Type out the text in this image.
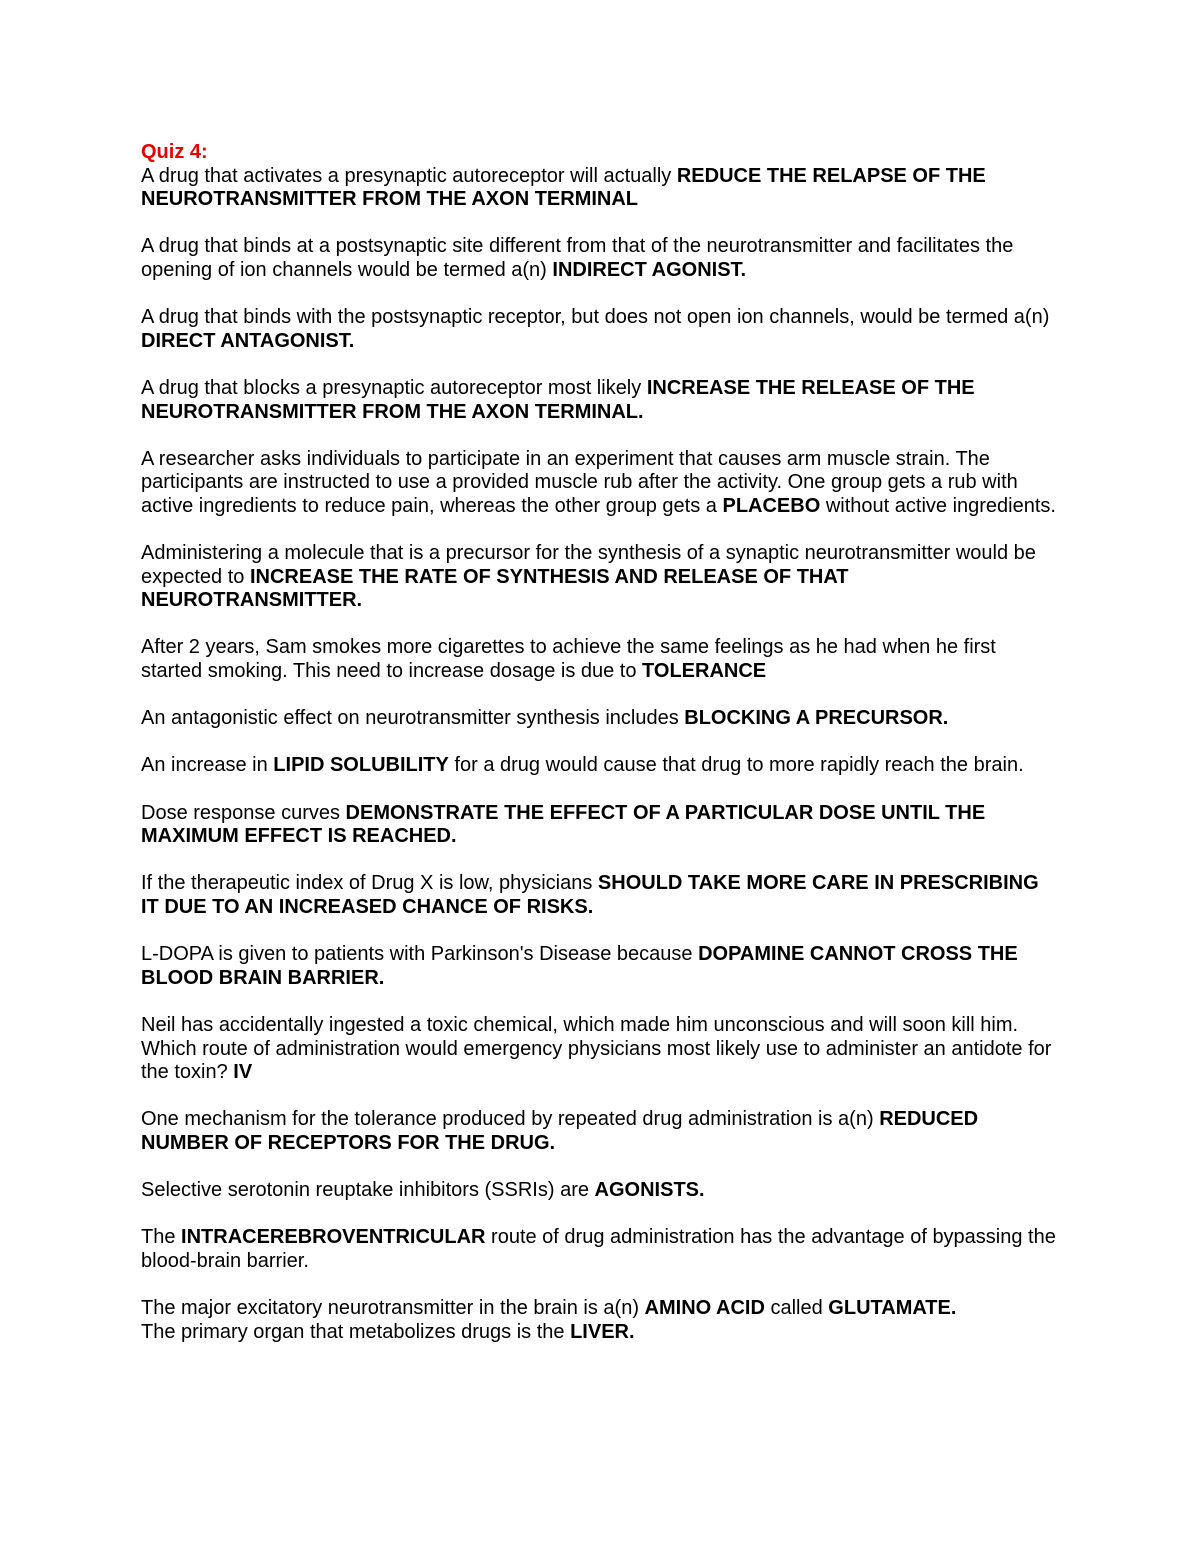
Quiz 4:

A drug that activates a presynaptic autoreceptor will actually REDUCE THE RELAPSE OF THE NEUROTRANSMITTER FROM THE AXON TERMINAL

A drug that binds at a postsynaptic site different from that of the neurotransmitter and facilitates the opening of ion channels would be termed a(n) INDIRECT AGONIST.

A drug that binds with the postsynaptic receptor, but does not open ion channels, would be termed a(n) DIRECT ANTAGONIST.

A drug that blocks a presynaptic autoreceptor most likely INCREASE THE RELEASE OF THE NEUROTRANSMITTER FROM THE AXON TERMINAL.

A researcher asks individuals to participate in an experiment that causes arm muscle strain. The participants are instructed to use a provided muscle rub after the activity. One group gets a rub with active ingredients to reduce pain, whereas the other group gets a PLACEBO without active ingredients.

Administering a molecule that is a precursor for the synthesis of a synaptic neurotransmitter would be expected to INCREASE THE RATE OF SYNTHESIS AND RELEASE OF THAT NEUROTRANSMITTER.

After 2 years, Sam smokes more cigarettes to achieve the same feelings as he had when he first started smoking. This need to increase dosage is due to TOLERANCE

An antagonistic effect on neurotransmitter synthesis includes BLOCKING A PRECURSOR.

An increase in LIPID SOLUBILITY for a drug would cause that drug to more rapidly reach the brain.

Dose response curves DEMONSTRATE THE EFFECT OF A PARTICULAR DOSE UNTIL THE MAXIMUM EFFECT IS REACHED.

If the therapeutic index of Drug X is low, physicians SHOULD TAKE MORE CARE IN PRESCRIBING IT DUE TO AN INCREASED CHANCE OF RISKS.

L-DOPA is given to patients with Parkinson's Disease because DOPAMINE CANNOT CROSS THE BLOOD BRAIN BARRIER.

Neil has accidentally ingested a toxic chemical, which made him unconscious and will soon kill him. Which route of administration would emergency physicians most likely use to administer an antidote for the toxin? IV

One mechanism for the tolerance produced by repeated drug administration is a(n) REDUCED NUMBER OF RECEPTORS FOR THE DRUG.

Selective serotonin reuptake inhibitors (SSRIs) are AGONISTS.

The INTRACEREBROVENTRICULAR route of drug administration has the advantage of bypassing the blood-brain barrier.

The major excitatory neurotransmitter in the brain is a(n) AMINO ACID called GLUTAMATE.

The primary organ that metabolizes drugs is the LIVER.
